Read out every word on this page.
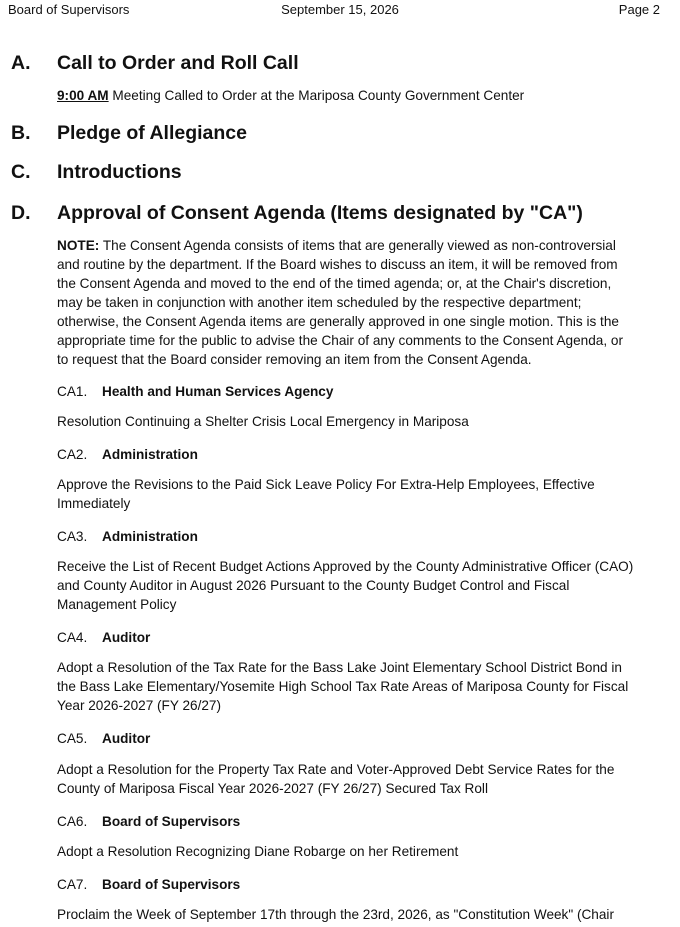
Board of Supervisors	September 15, 2026	Page 2
A. Call to Order and Roll Call
9:00 AM Meeting Called to Order at the Mariposa County Government Center
B. Pledge of Allegiance
C. Introductions
D. Approval of Consent Agenda (Items designated by "CA")
NOTE: The Consent Agenda consists of items that are generally viewed as non-controversial
and routine by the department. If the Board wishes to discuss an item, it will be removed from
the Consent Agenda and moved to the end of the timed agenda; or, at the Chair's discretion,
may be taken in conjunction with another item scheduled by the respective department;
otherwise, the Consent Agenda items are generally approved in one single motion. This is the
appropriate time for the public to advise the Chair of any comments to the Consent Agenda, or
to request that the Board consider removing an item from the Consent Agenda.
CA1. Health and Human Services Agency
Resolution Continuing a Shelter Crisis Local Emergency in Mariposa
CA2. Administration
Approve the Revisions to the Paid Sick Leave Policy For Extra-Help Employees, Effective
Immediately
CA3. Administration
Receive the List of Recent Budget Actions Approved by the County Administrative Officer (CAO)
and County Auditor in August 2026 Pursuant to the County Budget Control and Fiscal
Management Policy
CA4. Auditor
Adopt a Resolution of the Tax Rate for the Bass Lake Joint Elementary School District Bond in
the Bass Lake Elementary/Yosemite High School Tax Rate Areas of Mariposa County for Fiscal
Year 2026-2027 (FY 26/27)
CA5. Auditor
Adopt a Resolution for the Property Tax Rate and Voter-Approved Debt Service Rates for the
County of Mariposa Fiscal Year 2026-2027 (FY 26/27) Secured Tax Roll
CA6. Board of Supervisors
Adopt a Resolution Recognizing Diane Robarge on her Retirement
CA7. Board of Supervisors
Proclaim the Week of September 17th through the 23rd, 2026, as "Constitution Week" (Chair
